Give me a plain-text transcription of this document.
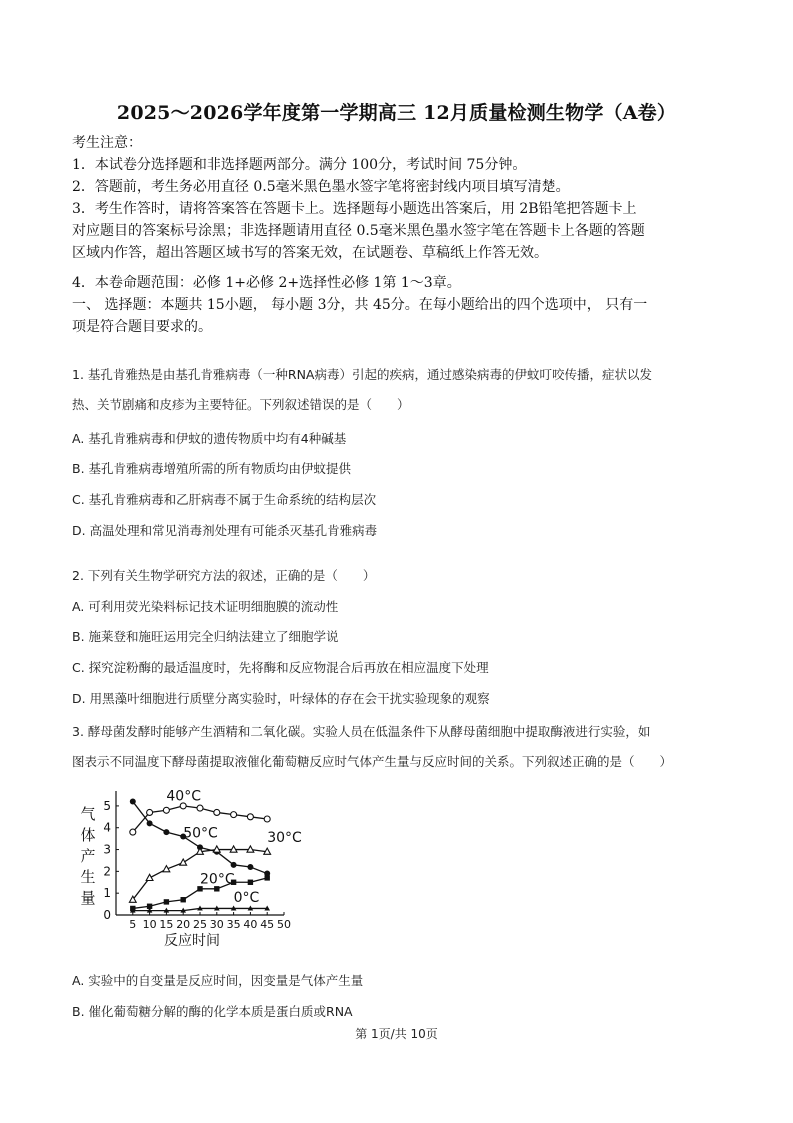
2025～2026学年度第一学期高三 12月质量检测生物学（A卷）
考生注意：
1．本试卷分选择题和非选择题两部分。满分 100分，考试时间 75分钟。
2．答题前，考生务必用直径 0.5毫米黑色墨水签字笔将密封线内项目填写清楚。
3．考生作答时，请将答案答在答题卡上。选择题每小题选出答案后，用 2B铅笔把答题卡上
对应题目的答案标号涂黑；非选择题请用直径 0.5毫米黑色墨水签字笔在答题卡上各题的答题
区域内作答，超出答题区域书写的答案无效，在试题卷、草稿纸上作答无效。
4．本卷命题范围：必修 1+必修 2+选择性必修 1第 1～3章。
一、 选择题：本题共 15小题， 每小题 3分，共 45分。在每小题给出的四个选项中， 只有一
项是符合题目要求的。
1. 基孔肯雅热是由基孔肯雅病毒（一种RNA病毒）引起的疾病，通过感染病毒的伊蚊叮咬传播，症状以发
热、关节剧痛和皮疹为主要特征。下列叙述错误的是（　　）
A. 基孔肯雅病毒和伊蚊的遗传物质中均有4种碱基
B. 基孔肯雅病毒增殖所需的所有物质均由伊蚊提供
C. 基孔肯雅病毒和乙肝病毒不属于生命系统的结构层次
D. 高温处理和常见消毒剂处理有可能杀灭基孔肯雅病毒
2. 下列有关生物学研究方法的叙述，正确的是（　　）
A. 可利用荧光染料标记技术证明细胞膜的流动性
B. 施莱登和施旺运用完全归纳法建立了细胞学说
C. 探究淀粉酶的最适温度时，先将酶和反应物混合后再放在相应温度下处理
D. 用黑藻叶细胞进行质壁分离实验时，叶绿体的存在会干扰实验现象的观察
3. 酵母菌发酵时能够产生酒精和二氧化碳。实验人员在低温条件下从酵母菌细胞中提取酶液进行实验，如
图表示不同温度下酵母菌提取液催化葡萄糖反应时气体产生量与反应时间的关系。下列叙述正确的是（　　）
0
1
2
3
4
5
5 10 15 20 25 30 35 40 45 50
反应时间
气
体
产
生
量
40°C
50°C	30°C
20°C
0°C
A. 实验中的自变量是反应时间，因变量是气体产生量
B. 催化葡萄糖分解的酶的化学本质是蛋白质或RNA
第 1页/共 10页
